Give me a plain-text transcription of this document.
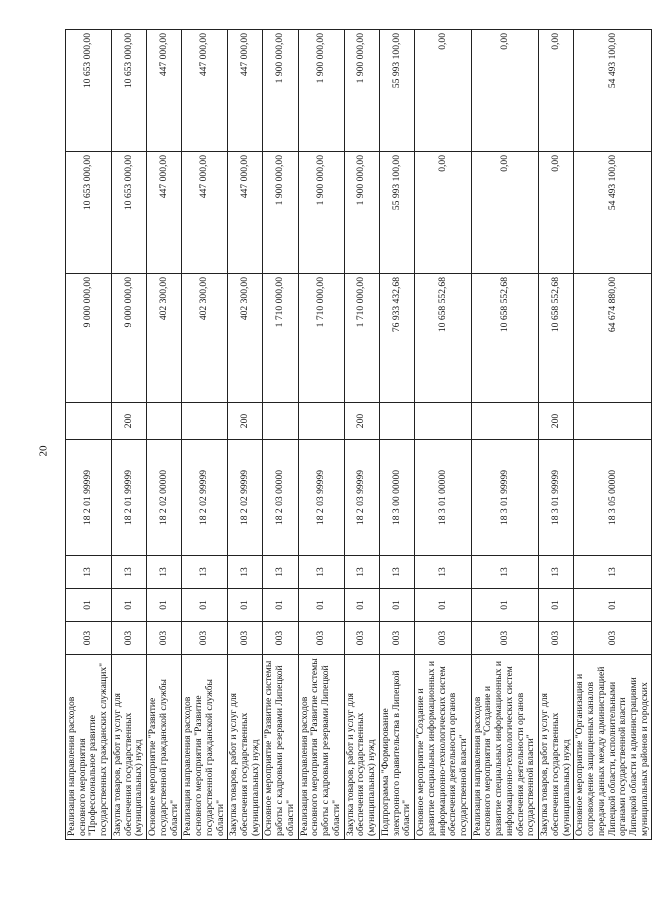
20
Реализация направления расходов основного мероприятия "Профессиональное развитие государственных гражданских служащих"	003	01	13	18 2 01 99999		9 000 000,00	10 653 000,00	10 653 000,00
Закупка товаров, работ и услуг для обеспечения государственных (муниципальных) нужд	003	01	13	18 2 01 99999	200	9 000 000,00	10 653 000,00	10 653 000,00
Основное мероприятие "Развитие государственной гражданской службы области"	003	01	13	18 2 02 00000		402 300,00	447 000,00	447 000,00
Реализация направления расходов основного мероприятия "Развитие государственной гражданской службы области"	003	01	13	18 2 02 99999		402 300,00	447 000,00	447 000,00
Закупка товаров, работ и услуг для обеспечения государственных (муниципальных) нужд	003	01	13	18 2 02 99999	200	402 300,00	447 000,00	447 000,00
Основное мероприятие "Развитие системы работы с кадровыми резервами Липецкой области"	003	01	13	18 2 03 00000		1 710 000,00	1 900 000,00	1 900 000,00
Реализация направления расходов основного мероприятия "Развитие системы работы с кадровыми резервами Липецкой области"	003	01	13	18 2 03 99999		1 710 000,00	1 900 000,00	1 900 000,00
Закупка товаров, работ и услуг для обеспечения государственных (муниципальных) нужд	003	01	13	18 2 03 99999	200	1 710 000,00	1 900 000,00	1 900 000,00
Подпрограмма "Формирование электронного правительства в Липецкой области"	003	01	13	18 3 00 00000		76 933 432,68	55 993 100,00	55 993 100,00
Основное мероприятие "Создание и развитие специальных информационных и информационно-технологических систем обеспечения деятельности органов государственной власти"	003	01	13	18 3 01 00000		10 658 552,68	0,00	0,00
Реализация направления расходов основного мероприятия "Создание и развитие специальных информационных и информационно-технологических систем обеспечения деятельности органов государственной власти"	003	01	13	18 3 01 99999		10 658 552,68	0,00	0,00
Закупка товаров, работ и услуг для обеспечения государственных (муниципальных) нужд	003	01	13	18 3 01 99999	200	10 658 552,68	0,00	0,00
Основное мероприятие "Организация и сопровождение защищенных каналов передачи данных между администрацией Липецкой области, исполнительными органами государственной власти Липецкой области и администрациями муниципальных районов и городских	003	01	13	18 3 05 00000		64 674 880,00	54 493 100,00	54 493 100,00
